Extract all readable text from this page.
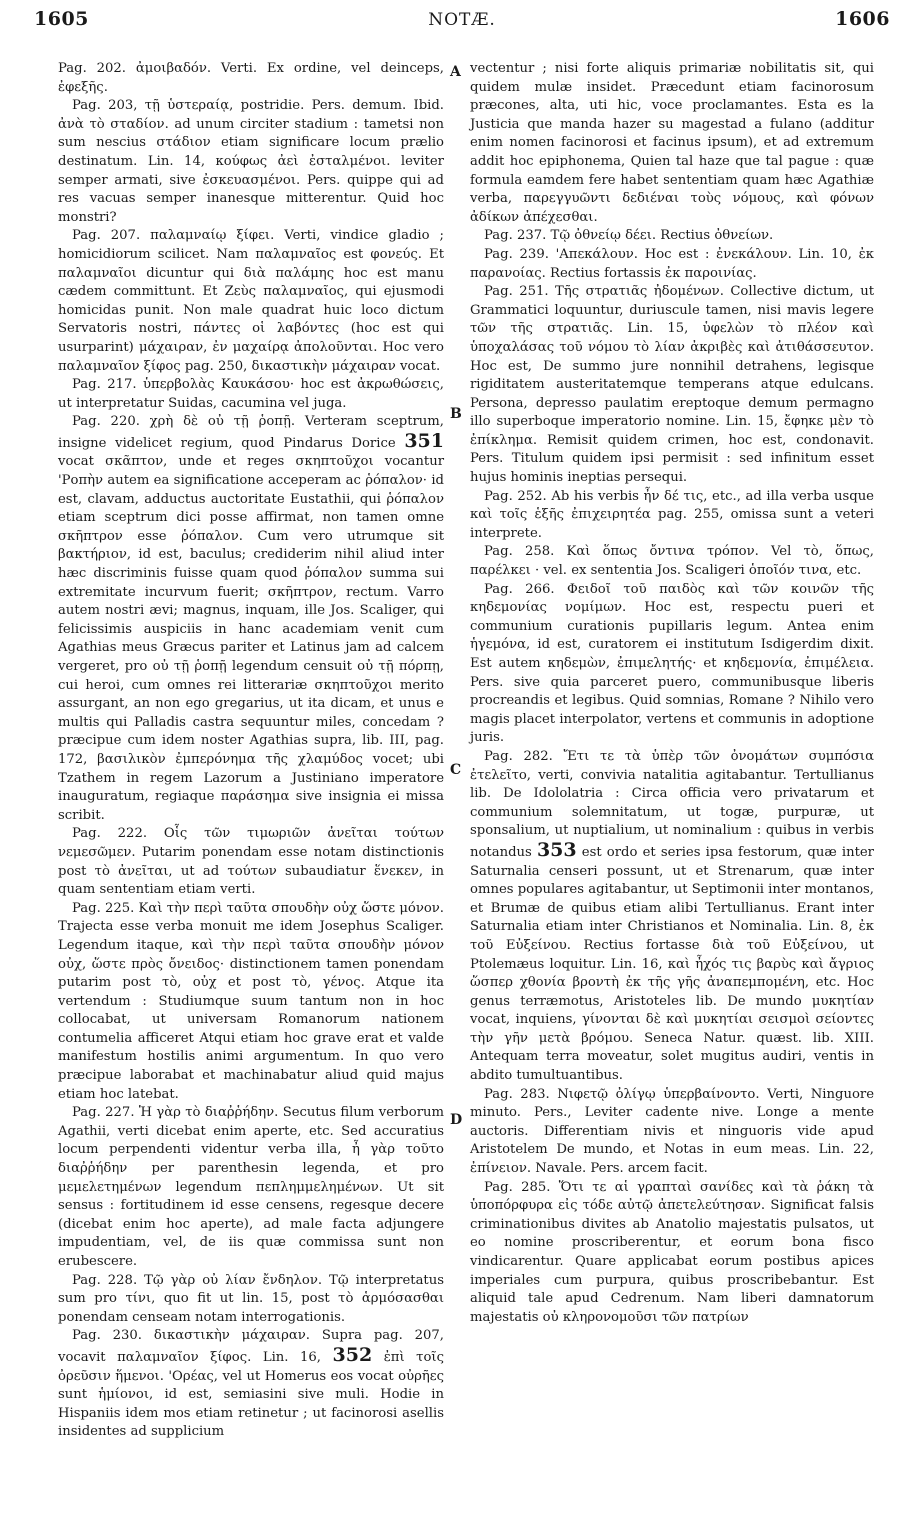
1605	NOTÆ.	1606
A
B
C
D

Pag. 202. ἀμοιβαδόν. Verti. Ex ordine, vel deinceps, ἐφεξῆς.

Pag. 203, τῇ ὑστεραίᾳ, postridie. Pers. demum. Ibid. ἀνὰ τὸ σταδίον. ad unum circiter stadium : tametsi non sum nescius στάδιον etiam significare locum prælio destinatum. Lin. 14, κούφως ἀεὶ ἐσταλμένοι. leviter semper armati, sive ἐσκευασμένοι. Pers. quippe qui ad res vacuas semper inanesque mitterentur. Quid hoc monstri?

Pag. 207. παλαμναίῳ ξίφει. Verti, vindice gladio ; homicidiorum scilicet. Nam παλαμναῖος est φονεύς. Et παλαμναῖοι dicuntur qui διὰ παλάμης hoc est manu cædem committunt. Et Ζεὺς παλαμναῖος, qui ejusmodi homicidas punit. Non male quadrat huic loco dictum Servatoris nostri, πάντες οἱ λαβόντες (hoc est qui usurparint) μάχαιραν, ἐν μαχαίρᾳ ἀπολοῦνται. Hoc vero παλαμναῖον ξίφος pag. 250, δικαστικὴν μάχαιραν vocat.

Pag. 217. ὑπερβολὰς Καυκάσου· hoc est ἀκρωθώσεις, ut interpretatur Suidas, cacumina vel juga.

Pag. 220. χρὴ δὲ οὐ τῇ ῥοπῇ. Verteram sceptrum, insigne videlicet regium, quod Pindarus Dorice 351 vocat σκᾶπτον, unde et reges σκηπτοῦχοι vocantur 'Ροπὴν autem ea significatione acceperam ac ῥόπαλον· id est, clavam, adductus auctoritate Eustathii, qui ῥόπαλον etiam sceptrum dici posse affirmat, non tamen omne σκῆπτρον esse ῥόπαλον. Cum vero utrumque sit βακτήριον, id est, baculus; crediderim nihil aliud inter hæc discriminis fuisse quam quod ῥόπαλον summa sui extremitate incurvum fuerit; σκῆπτρον, rectum. Varro autem nostri ævi; magnus, inquam, ille Jos. Scaliger, qui felicissimis auspiciis in hanc academiam venit cum Agathias meus Græcus pariter et Latinus jam ad calcem vergeret, pro οὐ τῇ ῥοπῇ legendum censuit οὐ τῇ πόρπῃ, cui heroi, cum omnes rei litterariæ σκηπτοῦχοι merito assurgant, an non ego gregarius, ut ita dicam, et unus e multis qui Palladis castra sequuntur miles, concedam ? præcipue cum idem noster Agathias supra, lib. III, pag. 172, βασιλικὸν ἐμπερόνημα τῆς χλαμύδος vocet; ubi Tzathem in regem Lazorum a Justiniano imperatore inauguratum, regiaque παράσημα sive insignia ei missa scribit.

Pag. 222. Οἷς τῶν τιμωριῶν ἀνεῖται τούτων νεμεσῶμεν. Putarim ponendam esse notam distinctionis post τὸ ἀνεῖται, ut ad τούτων subaudiatur ἕνεκεν, in quam sententiam etiam verti.

Pag. 225. Καὶ τὴν περὶ ταῦτα σπουδὴν οὐχ ὥστε μόνον. Trajecta esse verba monuit me idem Josephus Scaliger. Legendum itaque, καὶ τὴν περὶ ταῦτα σπουδὴν μόνον οὐχ, ὥστε πρὸς ὄνειδος· distinctionem tamen ponendam putarim post τὸ, οὐχ et post τὸ, γένος. Atque ita vertendum : Studiumque suum tantum non in hoc collocabat, ut universam Romanorum nationem contumelia afficeret Atqui etiam hoc grave erat et valde manifestum hostilis animi argumentum. In quo vero præcipue laborabat et machinabatur aliud quid majus etiam hoc latebat.

Pag. 227. Ἡ γὰρ τὸ διαῤῥήδην. Secutus filum verborum Agathii, verti dicebat enim aperte, etc. Sed accuratius locum perpendenti videntur verba illa, ἦ γὰρ τοῦτο διαῤῥήδην per parenthesin legenda, et pro μεμελετημένων legendum πεπλημμελημένων. Ut sit sensus : fortitudinem id esse censens, regesque decere (dicebat enim hoc aperte), ad male facta adjungere impudentiam, vel, de iis quæ commissa sunt non erubescere.

Pag. 228. Τῷ γὰρ οὐ λίαν ἔνδηλον. Τῷ interpretatus sum pro τίνι, quo fit ut lin. 15, post τὸ ἁρμόσασθαι ponendam censeam notam interrogationis.

Pag. 230. δικαστικὴν μάχαιραν. Supra pag. 207, vocavit παλαμναῖον ξίφος. Lin. 16, 352 ἐπὶ τοῖς ὀρεῦσιν ἥμενοι. 'Ορέας, vel ut Homerus eos vocat οὐρῆες sunt ἡμίονοι, id est, semiasini sive muli. Hodie in Hispaniis idem mos etiam retinetur ; ut facinorosi asellis insidentes ad supplicium

vectentur ; nisi forte aliquis primariæ nobilitatis sit, qui quidem mulæ insidet. Præcedunt etiam facinorosum præcones, alta, uti hic, voce proclamantes. Esta es la Justicia que manda hazer su magestad a fulano (additur enim nomen facinorosi et facinus ipsum), et ad extremum addit hoc epiphonema, Quien tal haze que tal pague : quæ formula eamdem fere habet sententiam quam hæc Agathiæ verba, παρεγγυῶντι δεδιέναι τοὺς νόμους, καὶ φόνων ἀδίκων ἀπέχεσθαι.

Pag. 237. Τῷ ὀθνείῳ δέει. Rectius ὀθνείων.

Pag. 239. 'Απεκάλουν. Hoc est : ἐνεκάλουν. Lin. 10, ἐκ παρανοίας. Rectius fortassis ἐκ παροινίας.

Pag. 251. Τῆς στρατιᾶς ἠδομένων. Collective dictum, ut Grammatici loquuntur, duriuscule tamen, nisi mavis legere τῶν τῆς στρατιᾶς. Lin. 15, ὑφελὼν τὸ πλέον καὶ ὑποχαλάσας τοῦ νόμου τὸ λίαν ἀκριβὲς καὶ ἀτιθάσσευτον. Hoc est, De summo jure nonnihil detrahens, legisque rigiditatem austeritatemque temperans atque edulcans. Persona, depresso paulatim ereptoque demum permagno illo superboque imperatorio nomine. Lin. 15, ἔφηκε μὲν τὸ ἐπίκλημα. Remisit quidem crimen, hoc est, condonavit. Pers. Titulum quidem ipsi permisit : sed infinitum esset hujus hominis ineptias persequi.

Pag. 252. Ab his verbis ἦν δέ τις, etc., ad illa verba usque καὶ τοῖς ἑξῆς ἐπιχειρητέα pag. 255, omissa sunt a veteri interprete.

Pag. 258. Καὶ ὅπως ὄντινα τρόπον. Vel τὸ, ὅπως, παρέλκει · vel. ex sententia Jos. Scaligeri ὁποῖόν τινα, etc.

Pag. 266. Φειδοῖ τοῦ παιδὸς καὶ τῶν κοινῶν τῆς κηδεμονίας νομίμων. Hoc est, respectu pueri et communium curationis pupillaris legum. Antea enim ἡγεμόνα, id est, curatorem ei institutum Isdigerdim dixit. Est autem κηδεμὼν, ἐπιμελητής· et κηδεμονία, ἐπιμέλεια. Pers. sive quia parceret puero, communibusque liberis procreandis et legibus. Quid somnias, Romane ? Nihilo vero magis placet interpolator, vertens et communis in adoptione juris.

Pag. 282. Ἔτι τε τὰ ὑπὲρ τῶν ὀνομάτων συμπόσια ἐτελεῖτο, verti, convivia natalitia agitabantur. Tertullianus lib. De Idololatria : Circa officia vero privatarum et communium solemnitatum, ut togæ, purpuræ, ut sponsalium, ut nuptialium, ut nominalium : quibus in verbis notandus 353 est ordo et series ipsa festorum, quæ inter Saturnalia censeri possunt, ut et Strenarum, quæ inter omnes populares agitabantur, ut Septimonii inter montanos, et Brumæ de quibus etiam alibi Tertullianus. Erant inter Saturnalia etiam inter Christianos et Nominalia. Lin. 8, ἐκ τοῦ Εὐξείνου. Rectius fortasse διὰ τοῦ Εὐξείνου, ut Ptolemæus loquitur. Lin. 16, καὶ ἦχός τις βαρὺς καὶ ἄγριος ὥσπερ χθονία βροντὴ ἐκ τῆς γῆς ἀναπεμπομένη, etc. Hoc genus terræmotus, Aristoteles lib. De mundo μυκητίαν vocat, inquiens, γίνονται δὲ καὶ μυκητίαι σεισμοὶ σείοντες τὴν γῆν μετὰ βρόμου. Seneca Natur. quæst. lib. XIII. Antequam terra moveatur, solet mugitus audiri, ventis in abdito tumultuantibus.

Pag. 283. Νιφετῷ ὀλίγῳ ὑπερβαίνοντο. Verti, Ninguore minuto. Pers., Leviter cadente nive. Longe a mente auctoris. Differentiam nivis et ninguoris vide apud Aristotelem De mundo, et Notas in eum meas. Lin. 22, ἐπίνειον. Navale. Pers. arcem facit.

Pag. 285. Ὅτι τε αἱ γραπταὶ σανίδες καὶ τὰ ῥάκη τὰ ὑποπόρφυρα εἰς τόδε αὐτῷ ἀπετελεύτησαν. Significat falsis criminationibus divites ab Anatolio majestatis pulsatos, ut eo nomine proscriberentur, et eorum bona fisco vindicarentur. Quare applicabat eorum postibus apices imperiales cum purpura, quibus proscribebantur. Est aliquid tale apud Cedrenum. Nam liberi damnatorum majestatis οὐ κληρονομοῦσι τῶν πατρίων
